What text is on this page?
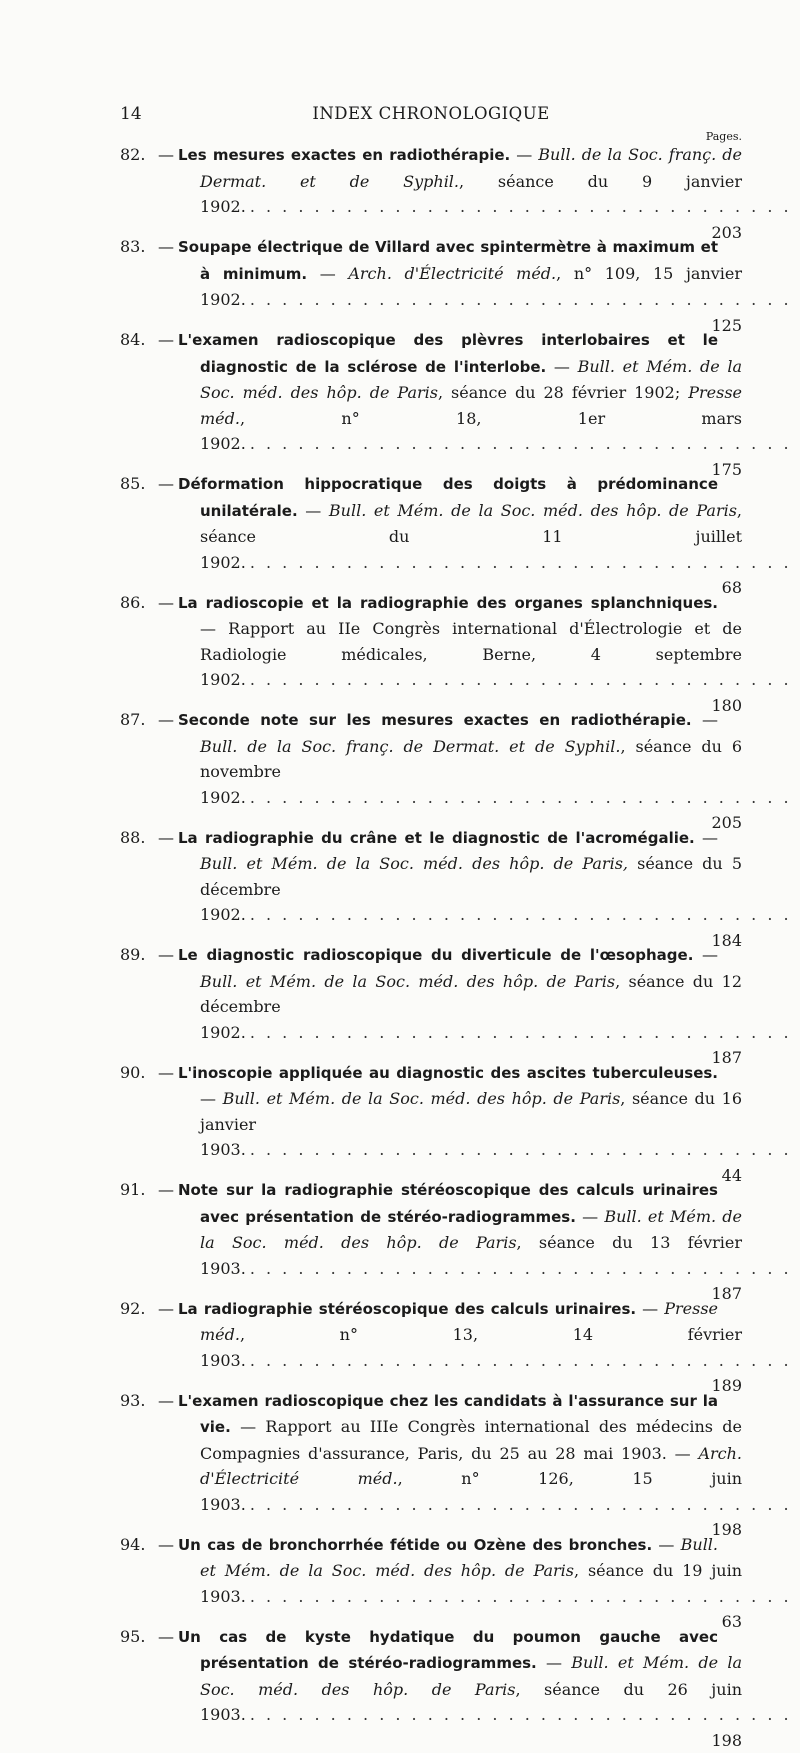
14	INDEX CHRONOLOGIQUE
Pages.
82. — Les mesures exactes en radiothérapie. — Bull. de la Soc. franç. de Dermat. et de Syphil., séance du 9 janvier 1902. . . .
203
83. — Soupape électrique de Villard avec spintermètre à maximum et à minimum. — Arch. d'Électricité méd., n° 109, 15 janvier 1902. . . .
125
84. — L'examen radioscopique des plèvres interlobaires et le diagnostic de la sclérose de l'interlobe. — Bull. et Mém. de la Soc. méd. des hôp. de Paris, séance du 28 février 1902; Presse méd., n° 18, 1er mars 1902. . . .
175
85. — Déformation hippocratique des doigts à prédominance unilatérale. — Bull. et Mém. de la Soc. méd. des hôp. de Paris, séance du 11 juillet 1902. . . .
68
86. — La radioscopie et la radiographie des organes splanchniques. — Rapport au IIe Congrès international d'Électrologie et de Radiologie médicales, Berne, 4 septembre 1902. . . .
180
87. — Seconde note sur les mesures exactes en radiothérapie. — Bull. de la Soc. franç. de Dermat. et de Syphil., séance du 6 novembre 1902. . . .
205
88. — La radiographie du crâne et le diagnostic de l'acromégalie. — Bull. et Mém. de la Soc. méd. des hôp. de Paris, séance du 5 décembre 1902. . . .
184
89. — Le diagnostic radioscopique du diverticule de l'œsophage. — Bull. et Mém. de la Soc. méd. des hôp. de Paris, séance du 12 décembre 1902. . . .
187
90. — L'inoscopie appliquée au diagnostic des ascites tuberculeuses. — Bull. et Mém. de la Soc. méd. des hôp. de Paris, séance du 16 janvier 1903. . . .
44
91. — Note sur la radiographie stéréoscopique des calculs urinaires avec présentation de stéréo-radiogrammes. — Bull. et Mém. de la Soc. méd. des hôp. de Paris, séance du 13 février 1903. . . .
187
92. — La radiographie stéréoscopique des calculs urinaires. — Presse méd., n° 13, 14 février 1903. . . .
189
93. — L'examen radioscopique chez les candidats à l'assurance sur la vie. — Rapport au IIIe Congrès international des médecins de Compagnies d'assurance, Paris, du 25 au 28 mai 1903. — Arch. d'Électricité méd., n° 126, 15 juin 1903. . . .
198
94. — Un cas de bronchorrhée fétide ou Ozène des bronches. — Bull. et Mém. de la Soc. méd. des hôp. de Paris, séance du 19 juin 1903. . . .
63
95. — Un cas de kyste hydatique du poumon gauche avec présentation de stéréo-radiogrammes. — Bull. et Mém. de la Soc. méd. des hôp. de Paris, séance du 26 juin 1903. . . .
198
